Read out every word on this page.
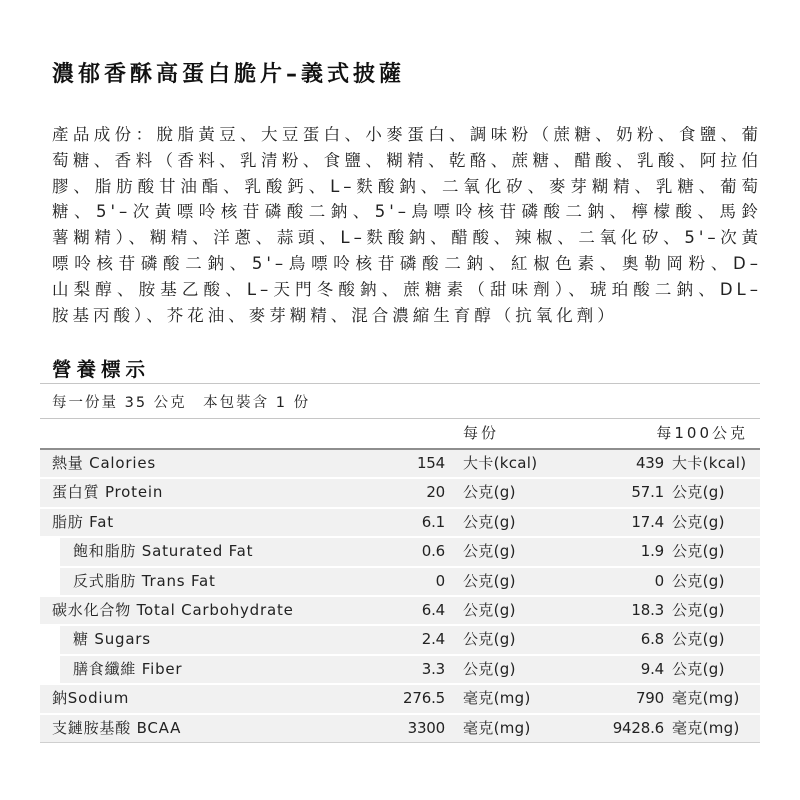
濃郁香酥高蛋白脆片–義式披薩
產品成份：脫脂黃豆、大豆蛋白、小麥蛋白、調味粉（蔗糖、奶粉、食鹽、葡
萄糖、香料（香料、乳清粉、食鹽、糊精、乾酪、蔗糖、醋酸、乳酸、阿拉伯
膠、脂肪酸甘油酯、乳酸鈣、L–麩酸鈉、二氧化矽、麥芽糊精、乳糖、葡萄
糖、5'–次黃嘌呤核苷磷酸二鈉、5'–鳥嘌呤核苷磷酸二鈉、檸檬酸、馬鈴
薯糊精）、糊精、洋蔥、蒜頭、L–麩酸鈉、醋酸、辣椒、二氧化矽、5'–次黃
嘌呤核苷磷酸二鈉、5'–鳥嘌呤核苷磷酸二鈉、紅椒色素、奧勒岡粉、D–
山梨醇、胺基乙酸、L–天門冬酸鈉、蔗糖素（甜味劑）、琥珀酸二鈉、DL–
胺基丙酸）、芥花油、麥芽糊精、混合濃縮生育醇（抗氧化劑）
營養標示
每一份量 35 公克　本包裝含 1 份
每份	每100公克
熱量 Calories	154 大卡(kcal)	439 大卡(kcal)
蛋白質 Protein	20 公克(g)	57.1 公克(g)
脂肪 Fat	6.1 公克(g)	17.4 公克(g)
飽和脂肪 Saturated Fat	0.6 公克(g)	1.9 公克(g)
反式脂肪 Trans Fat	0 公克(g)	0 公克(g)
碳水化合物 Total Carbohydrate	6.4 公克(g)	18.3 公克(g)
糖 Sugars	2.4 公克(g)	6.8 公克(g)
膳食纖維 Fiber	3.3 公克(g)	9.4 公克(g)
鈉Sodium	276.5 毫克(mg)	790 毫克(mg)
支鏈胺基酸 BCAA	3300 毫克(mg)	9428.6 毫克(mg)
